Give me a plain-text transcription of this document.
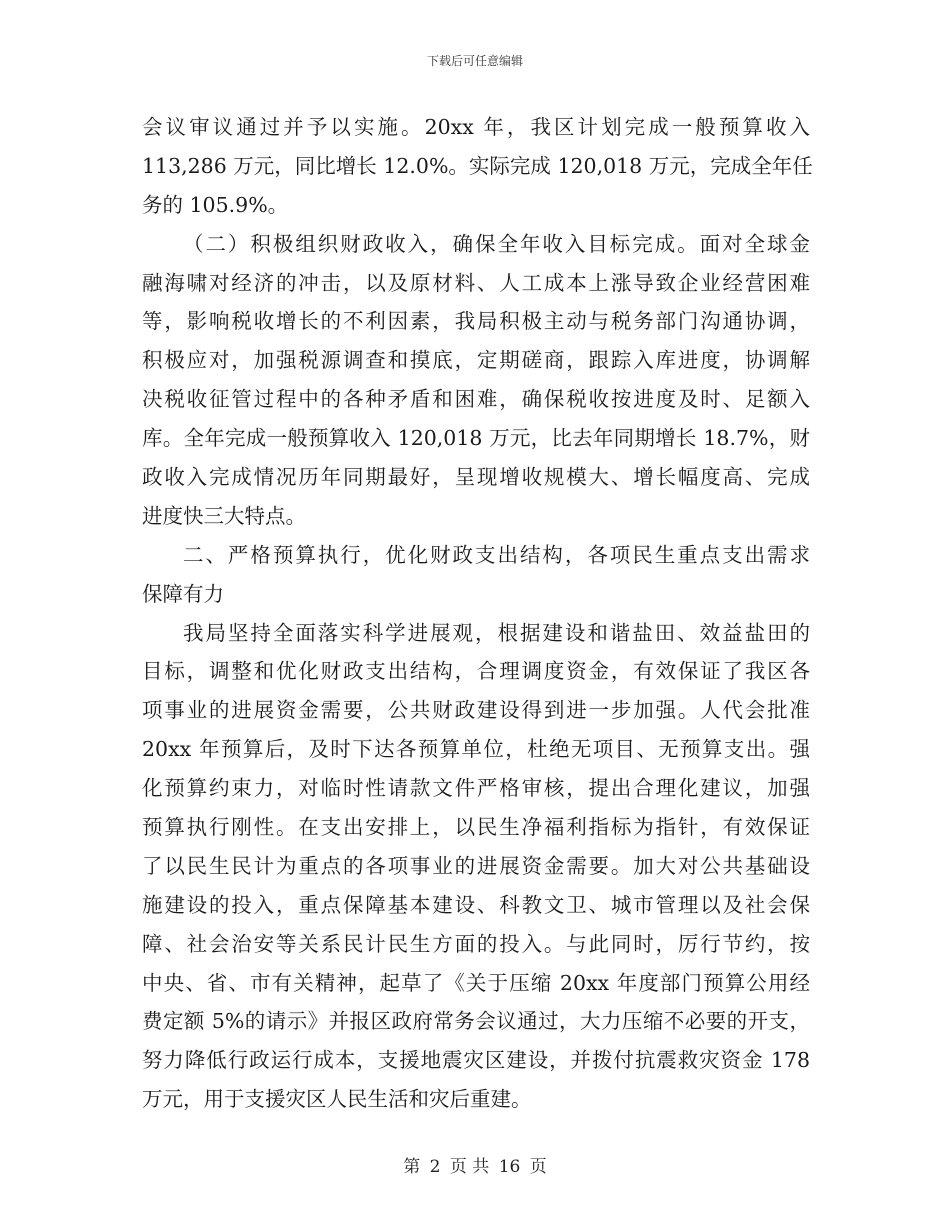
下载后可任意编辑
会议审议通过并予以实施。20xx 年，我区计划完成一般预算收入
113,286 万元，同比增长 12.0%。实际完成 120,018 万元，完成全年任
务的 105.9%。
（二）积极组织财政收入，确保全年收入目标完成。面对全球金
融海啸对经济的冲击，以及原材料、人工成本上涨导致企业经营困难
等，影响税收增长的不利因素，我局积极主动与税务部门沟通协调，
积极应对，加强税源调查和摸底，定期磋商，跟踪入库进度，协调解
决税收征管过程中的各种矛盾和困难，确保税收按进度及时、足额入
库。全年完成一般预算收入 120,018 万元，比去年同期增长 18.7%，财
政收入完成情况历年同期最好，呈现增收规模大、增长幅度高、完成
进度快三大特点。
二、严格预算执行，优化财政支出结构，各项民生重点支出需求
保障有力
我局坚持全面落实科学进展观，根据建设和谐盐田、效益盐田的
目标，调整和优化财政支出结构，合理调度资金，有效保证了我区各
项事业的进展资金需要，公共财政建设得到进一步加强。人代会批准
20xx 年预算后，及时下达各预算单位，杜绝无项目、无预算支出。强
化预算约束力，对临时性请款文件严格审核，提出合理化建议，加强
预算执行刚性。在支出安排上，以民生净福利指标为指针，有效保证
了以民生民计为重点的各项事业的进展资金需要。加大对公共基础设
施建设的投入，重点保障基本建设、科教文卫、城市管理以及社会保
障、社会治安等关系民计民生方面的投入。与此同时，厉行节约，按
中央、省、市有关精神，起草了《关于压缩 20xx 年度部门预算公用经
费定额 5%的请示》并报区政府常务会议通过，大力压缩不必要的开支，
努力降低行政运行成本，支援地震灾区建设，并拨付抗震救灾资金 178
万元，用于支援灾区人民生活和灾后重建。
第 2 页 共 16 页
